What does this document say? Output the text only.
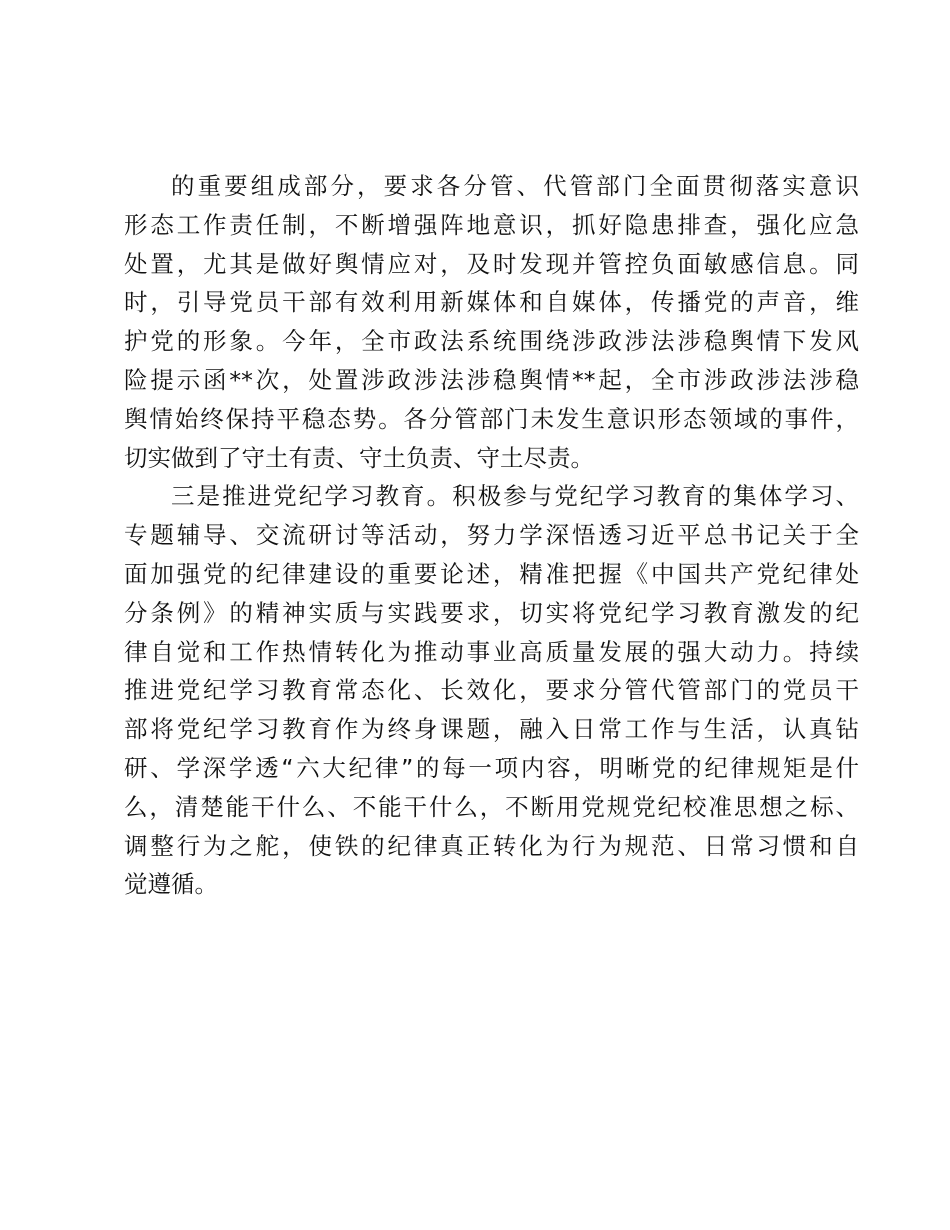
的重要组成部分，要求各分管、代管部门全面贯彻落实意识
形态工作责任制，不断增强阵地意识，抓好隐患排查，强化应急
处置，尤其是做好舆情应对，及时发现并管控负面敏感信息。同
时，引导党员干部有效利用新媒体和自媒体，传播党的声音，维
护党的形象。今年，全市政法系统围绕涉政涉法涉稳舆情下发风
险提示函**次，处置涉政涉法涉稳舆情**起，全市涉政涉法涉稳
舆情始终保持平稳态势。各分管部门未发生意识形态领域的事件，
切实做到了守土有责、守土负责、守土尽责。
三是推进党纪学习教育。积极参与党纪学习教育的集体学习、
专题辅导、交流研讨等活动，努力学深悟透习近平总书记关于全
面加强党的纪律建设的重要论述，精准把握《中国共产党纪律处
分条例》的精神实质与实践要求，切实将党纪学习教育激发的纪
律自觉和工作热情转化为推动事业高质量发展的强大动力。持续
推进党纪学习教育常态化、长效化，要求分管代管部门的党员干
部将党纪学习教育作为终身课题，融入日常工作与生活，认真钻
研、学深学透“六大纪律”的每一项内容，明晰党的纪律规矩是什
么，清楚能干什么、不能干什么，不断用党规党纪校准思想之标、
调整行为之舵，使铁的纪律真正转化为行为规范、日常习惯和自
觉遵循。
